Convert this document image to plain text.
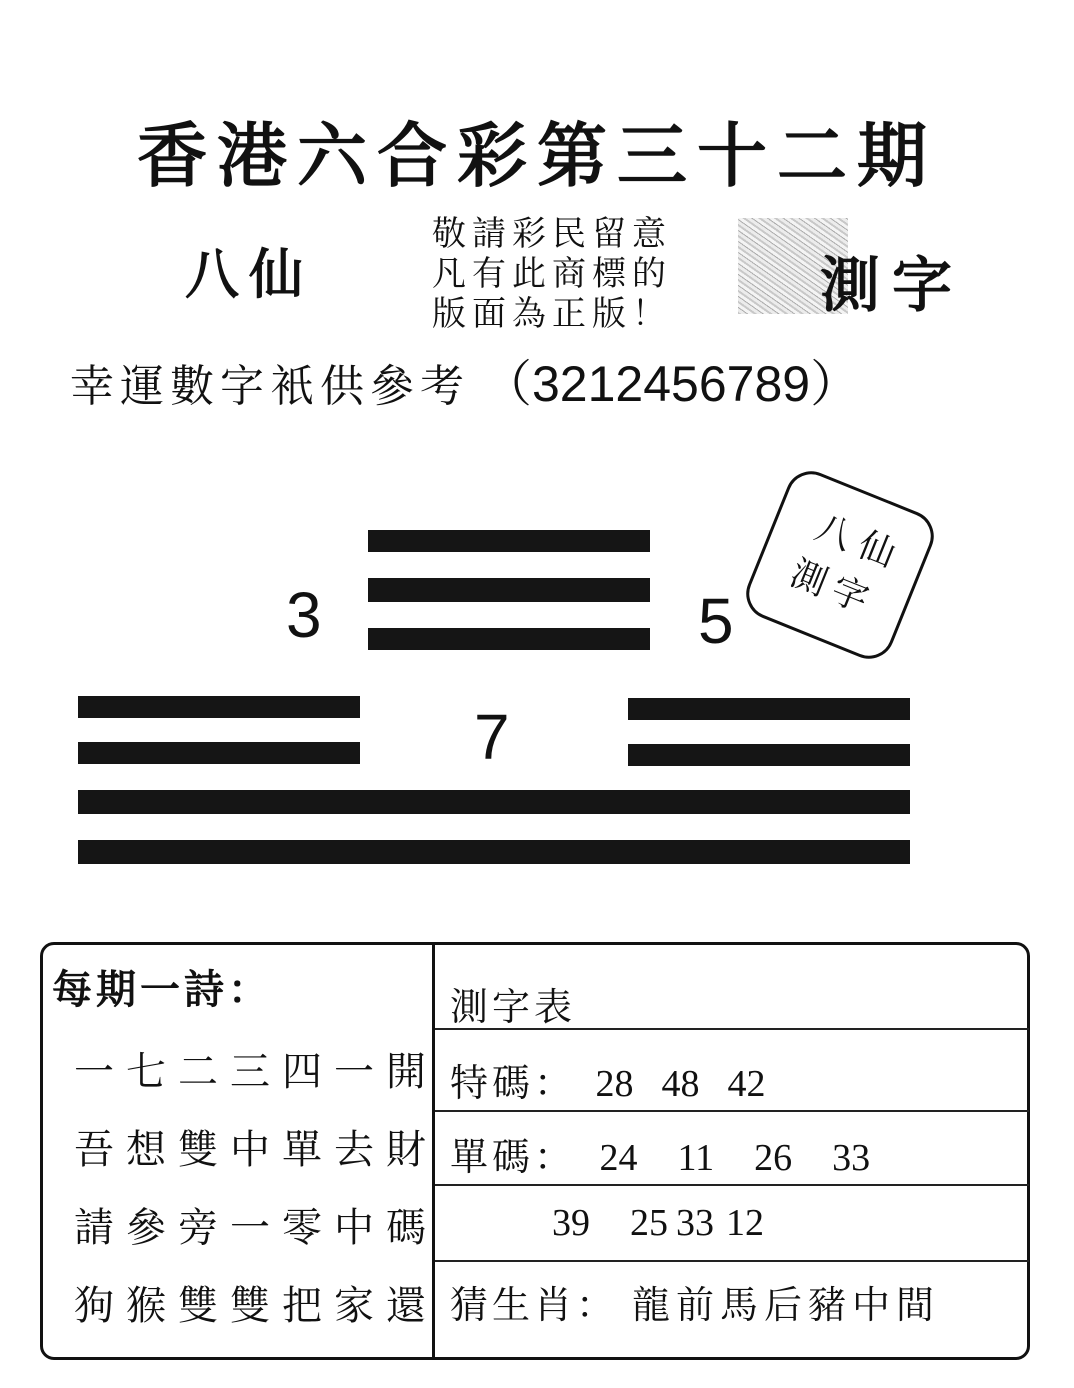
香港六合彩第三十二期
八仙
敬請彩民留意
凡有此商標的
版面為正版！ 測字
幸運數字衹供參考 （3212456789）
3	5
7
八仙
測字
每期一詩：
一七二三四一開
吾想雙中單去財
請參旁一零中碼
狗猴雙雙把家還
測字表
特碼： 28 48 42
單碼： 24 11 26 33
39 25 33 12
猜生肖： 龍前馬后豬中間
